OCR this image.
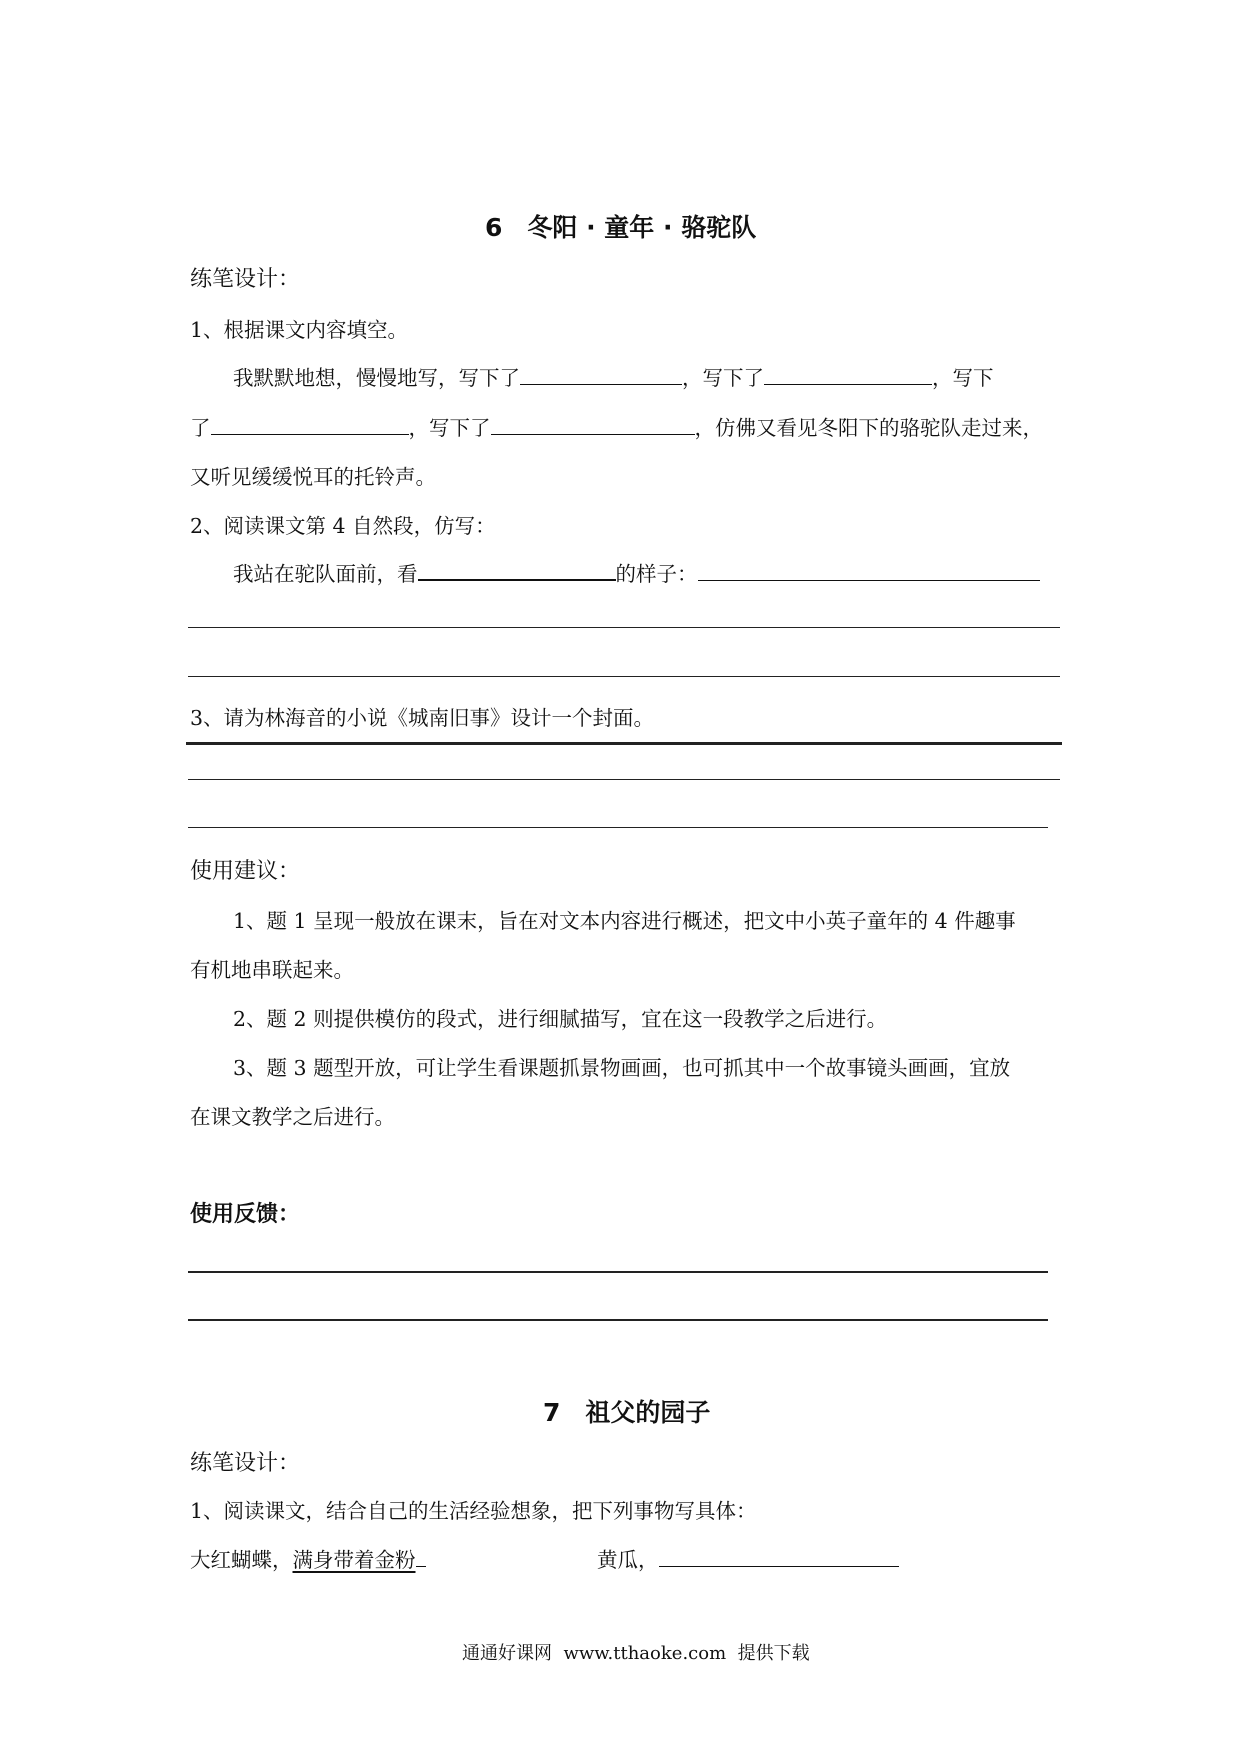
6　冬阳 · 童年 · 骆驼队
练笔设计：
1、根据课文内容填空。
我默默地想，慢慢地写，写下了	，写下了	，写下
了	，写下了	，仿佛又看见冬阳下的骆驼队走过来，
又听见缓缓悦耳的托铃声。
2、阅读课文第 4 自然段，仿写：
我站在驼队面前，看	的样子：
3、请为林海音的小说《城南旧事》设计一个封面。
使用建议：
1、题 1 呈现一般放在课末，旨在对文本内容进行概述，把文中小英子童年的 4 件趣事
有机地串联起来。
2、题 2 则提供模仿的段式，进行细腻描写，宜在这一段教学之后进行。
3、题 3 题型开放，可让学生看课题抓景物画画，也可抓其中一个故事镜头画画，宜放
在课文教学之后进行。
使用反馈：
7　祖父的园子
练笔设计：
1、阅读课文，结合自己的生活经验想象，把下列事物写具体：
大红蝴蝶，满身带着金粉	黄瓜，
通通好课网  www.tthaoke.com  提供下载
